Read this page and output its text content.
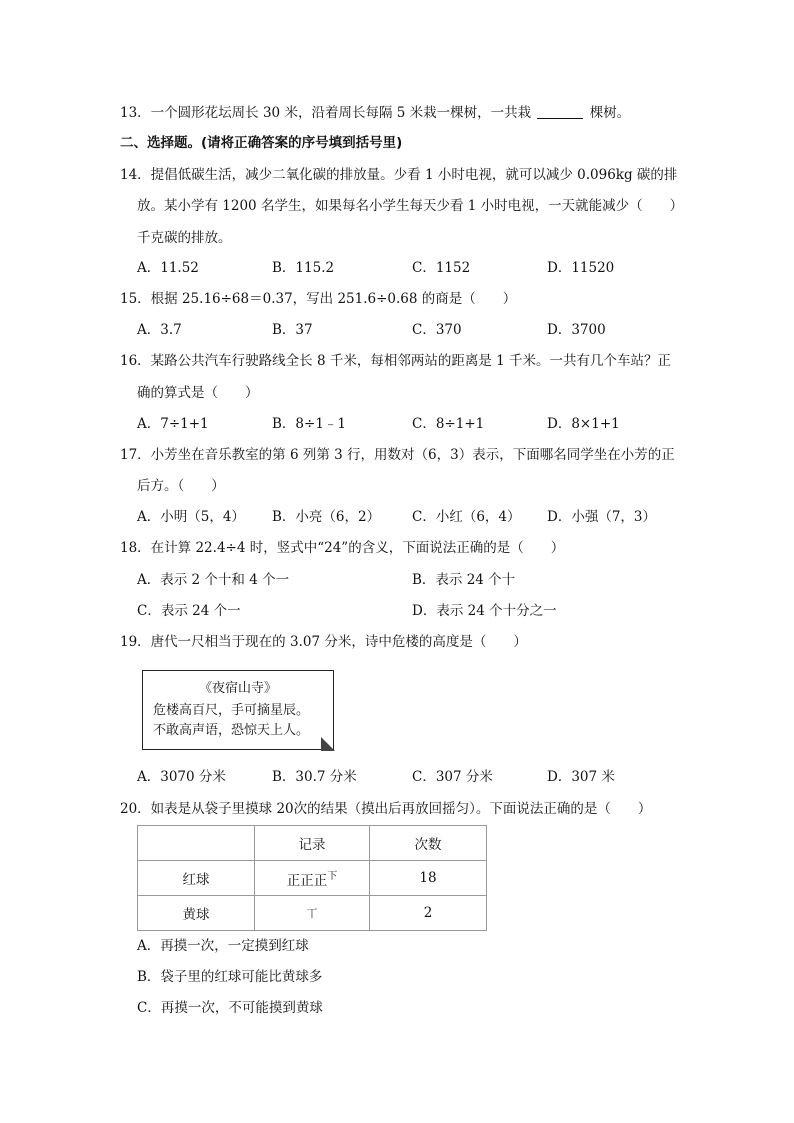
13．一个圆形花坛周长 30 米，沿着周长每隔 5 米栽一棵树，一共栽	棵树。
二、选择题。(请将正确答案的序号填到括号里)
14．提倡低碳生活，减少二氧化碳的排放量。少看 1 小时电视，就可以减少 0.096kg 碳的排
放。某小学有 1200 名学生，如果每名小学生每天少看 1 小时电视，一天就能减少（　　）
千克碳的排放。
A．11.52	B．115.2	C．1152	D．11520
15．根据 25.16÷68＝0.37，写出 251.6÷0.68 的商是（　　）
A．3.7	B．37	C．370	D．3700
16．某路公共汽车行驶路线全长 8 千米，每相邻两站的距离是 1 千米。一共有几个车站？正
确的算式是（　　）
A．7÷1+1	B．8÷1﹣1	C．8÷1+1	D．8×1+1
17．小芳坐在音乐教室的第 6 列第 3 行，用数对（6，3）表示，下面哪名同学坐在小芳的正
后方。（　　）
A．小明（5，4） B．小亮（6，2） C．小红（6，4） D．小强（7，3）
18．在计算 22.4÷4 时，竖式中“24”的含义，下面说法正确的是（　　）
A．表示 2 个十和 4 个一	B．表示 24 个十
C．表示 24 个一	D．表示 24 个十分之一
19．唐代一尺相当于现在的 3.07 分米，诗中危楼的高度是（　　）
《夜宿山寺》
危楼高百尺，手可摘星辰。
不敢高声语，恐惊天上人。
A．3070 分米	B．30.7 分米	C．307 分米	D．307 米
20．如表是从袋子里摸球 20次的结果（摸出后再放回摇匀）。下面说法正确的是（　　）
	记录	次数
红球	正正正$^下$	18
黄球	丅	2
A．再摸一次，一定摸到红球
B．袋子里的红球可能比黄球多
C．再摸一次，不可能摸到黄球
